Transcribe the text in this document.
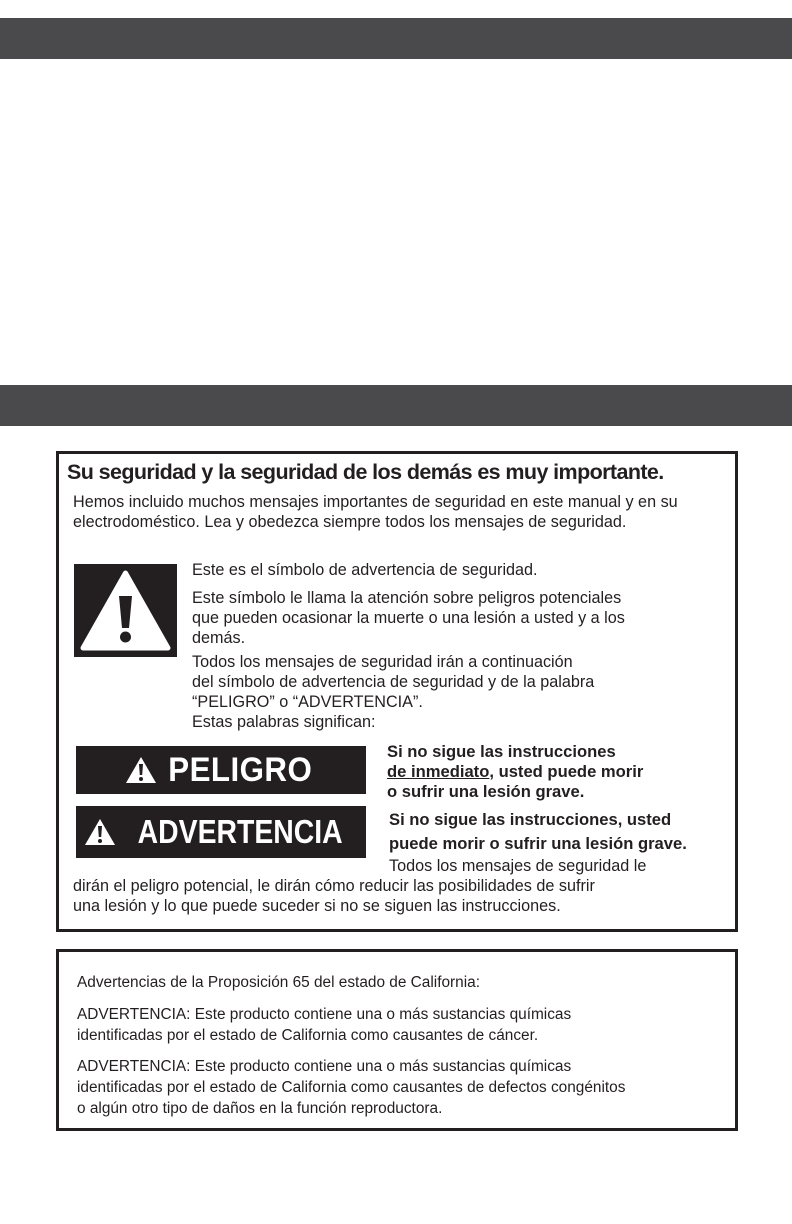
Su seguridad y la seguridad de los demás es muy importante.

Hemos incluido muchos mensajes importantes de seguridad en este manual y en su electrodoméstico. Lea y obedezca siempre todos los mensajes de seguridad.

Este es el símbolo de advertencia de seguridad.

Este símbolo le llama la atención sobre peligros potenciales
que pueden ocasionar la muerte o una lesión a usted y a los
demás.
Todos los mensajes de seguridad irán a continuación
del símbolo de advertencia de seguridad y de la palabra
“PELIGRO” o “ADVERTENCIA”.

Estas palabras significan:

PELIGRO	Si no sigue las instrucciones
de inmediato, usted puede morir
o sufrir una lesión grave.
ADVERTENCIA	Si no sigue las instrucciones, usted
puede morir o sufrir una lesión grave.

Todos los mensajes de seguridad le

dirán el peligro potencial, le dirán cómo reducir las posibilidades de sufrir
una lesión y lo que puede suceder si no se siguen las instrucciones.

Advertencias de la Proposición 65 del estado de California:

ADVERTENCIA: Este producto contiene una o más sustancias químicas
identificadas por el estado de California como causantes de cáncer.
ADVERTENCIA: Este producto contiene una o más sustancias químicas
identificadas por el estado de California como causantes de defectos congénitos
o algún otro tipo de daños en la función reproductora.
